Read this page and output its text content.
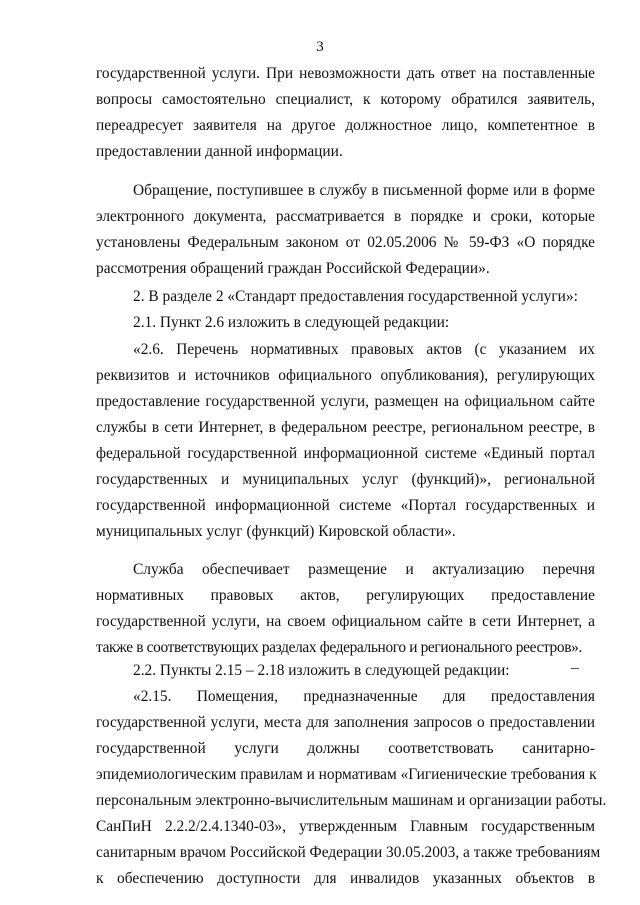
3
государственной услуги. При невозможности дать ответ на поставленные
вопросы самостоятельно специалист, к которому обратился заявитель,
переадресует заявителя на другое должностное лицо, компетентное в
предоставлении данной информации.
Обращение, поступившее в службу в письменной форме или в форме
электронного документа, рассматривается в порядке и сроки, которые
установлены Федеральным законом от 02.05.2006 № 59-ФЗ «О порядке
рассмотрения обращений граждан Российской Федерации».
2. В разделе 2 «Стандарт предоставления государственной услуги»:
2.1. Пункт 2.6 изложить в следующей редакции:
«2.6. Перечень нормативных правовых актов (с указанием их
реквизитов и источников официального опубликования), регулирующих
предоставление государственной услуги, размещен на официальном сайте
службы в сети Интернет, в федеральном реестре, региональном реестре, в
федеральной государственной информационной системе «Единый портал
государственных и муниципальных услуг (функций)», региональной
государственной информационной системе «Портал государственных и
муниципальных услуг (функций) Кировской области».
Служба обеспечивает размещение и актуализацию перечня
нормативных правовых актов, регулирующих предоставление
государственной услуги, на своем официальном сайте в сети Интернет, а
также в соответствующих разделах федерального и регионального реестров».
2.2. Пункты 2.15 – 2.18 изложить в следующей редакции:
«2.15. Помещения, предназначенные для предоставления
государственной услуги, места для заполнения запросов о предоставлении
государственной услуги должны соответствовать санитарно-
эпидемиологическим правилам и нормативам «Гигиенические требования к
персональным электронно-вычислительным машинам и организации работы.
СанПиН 2.2.2/2.4.1340-03», утвержденным Главным государственным
санитарным врачом Российской Федерации 30.05.2003, а также требованиям
к обеспечению доступности для инвалидов указанных объектов в
